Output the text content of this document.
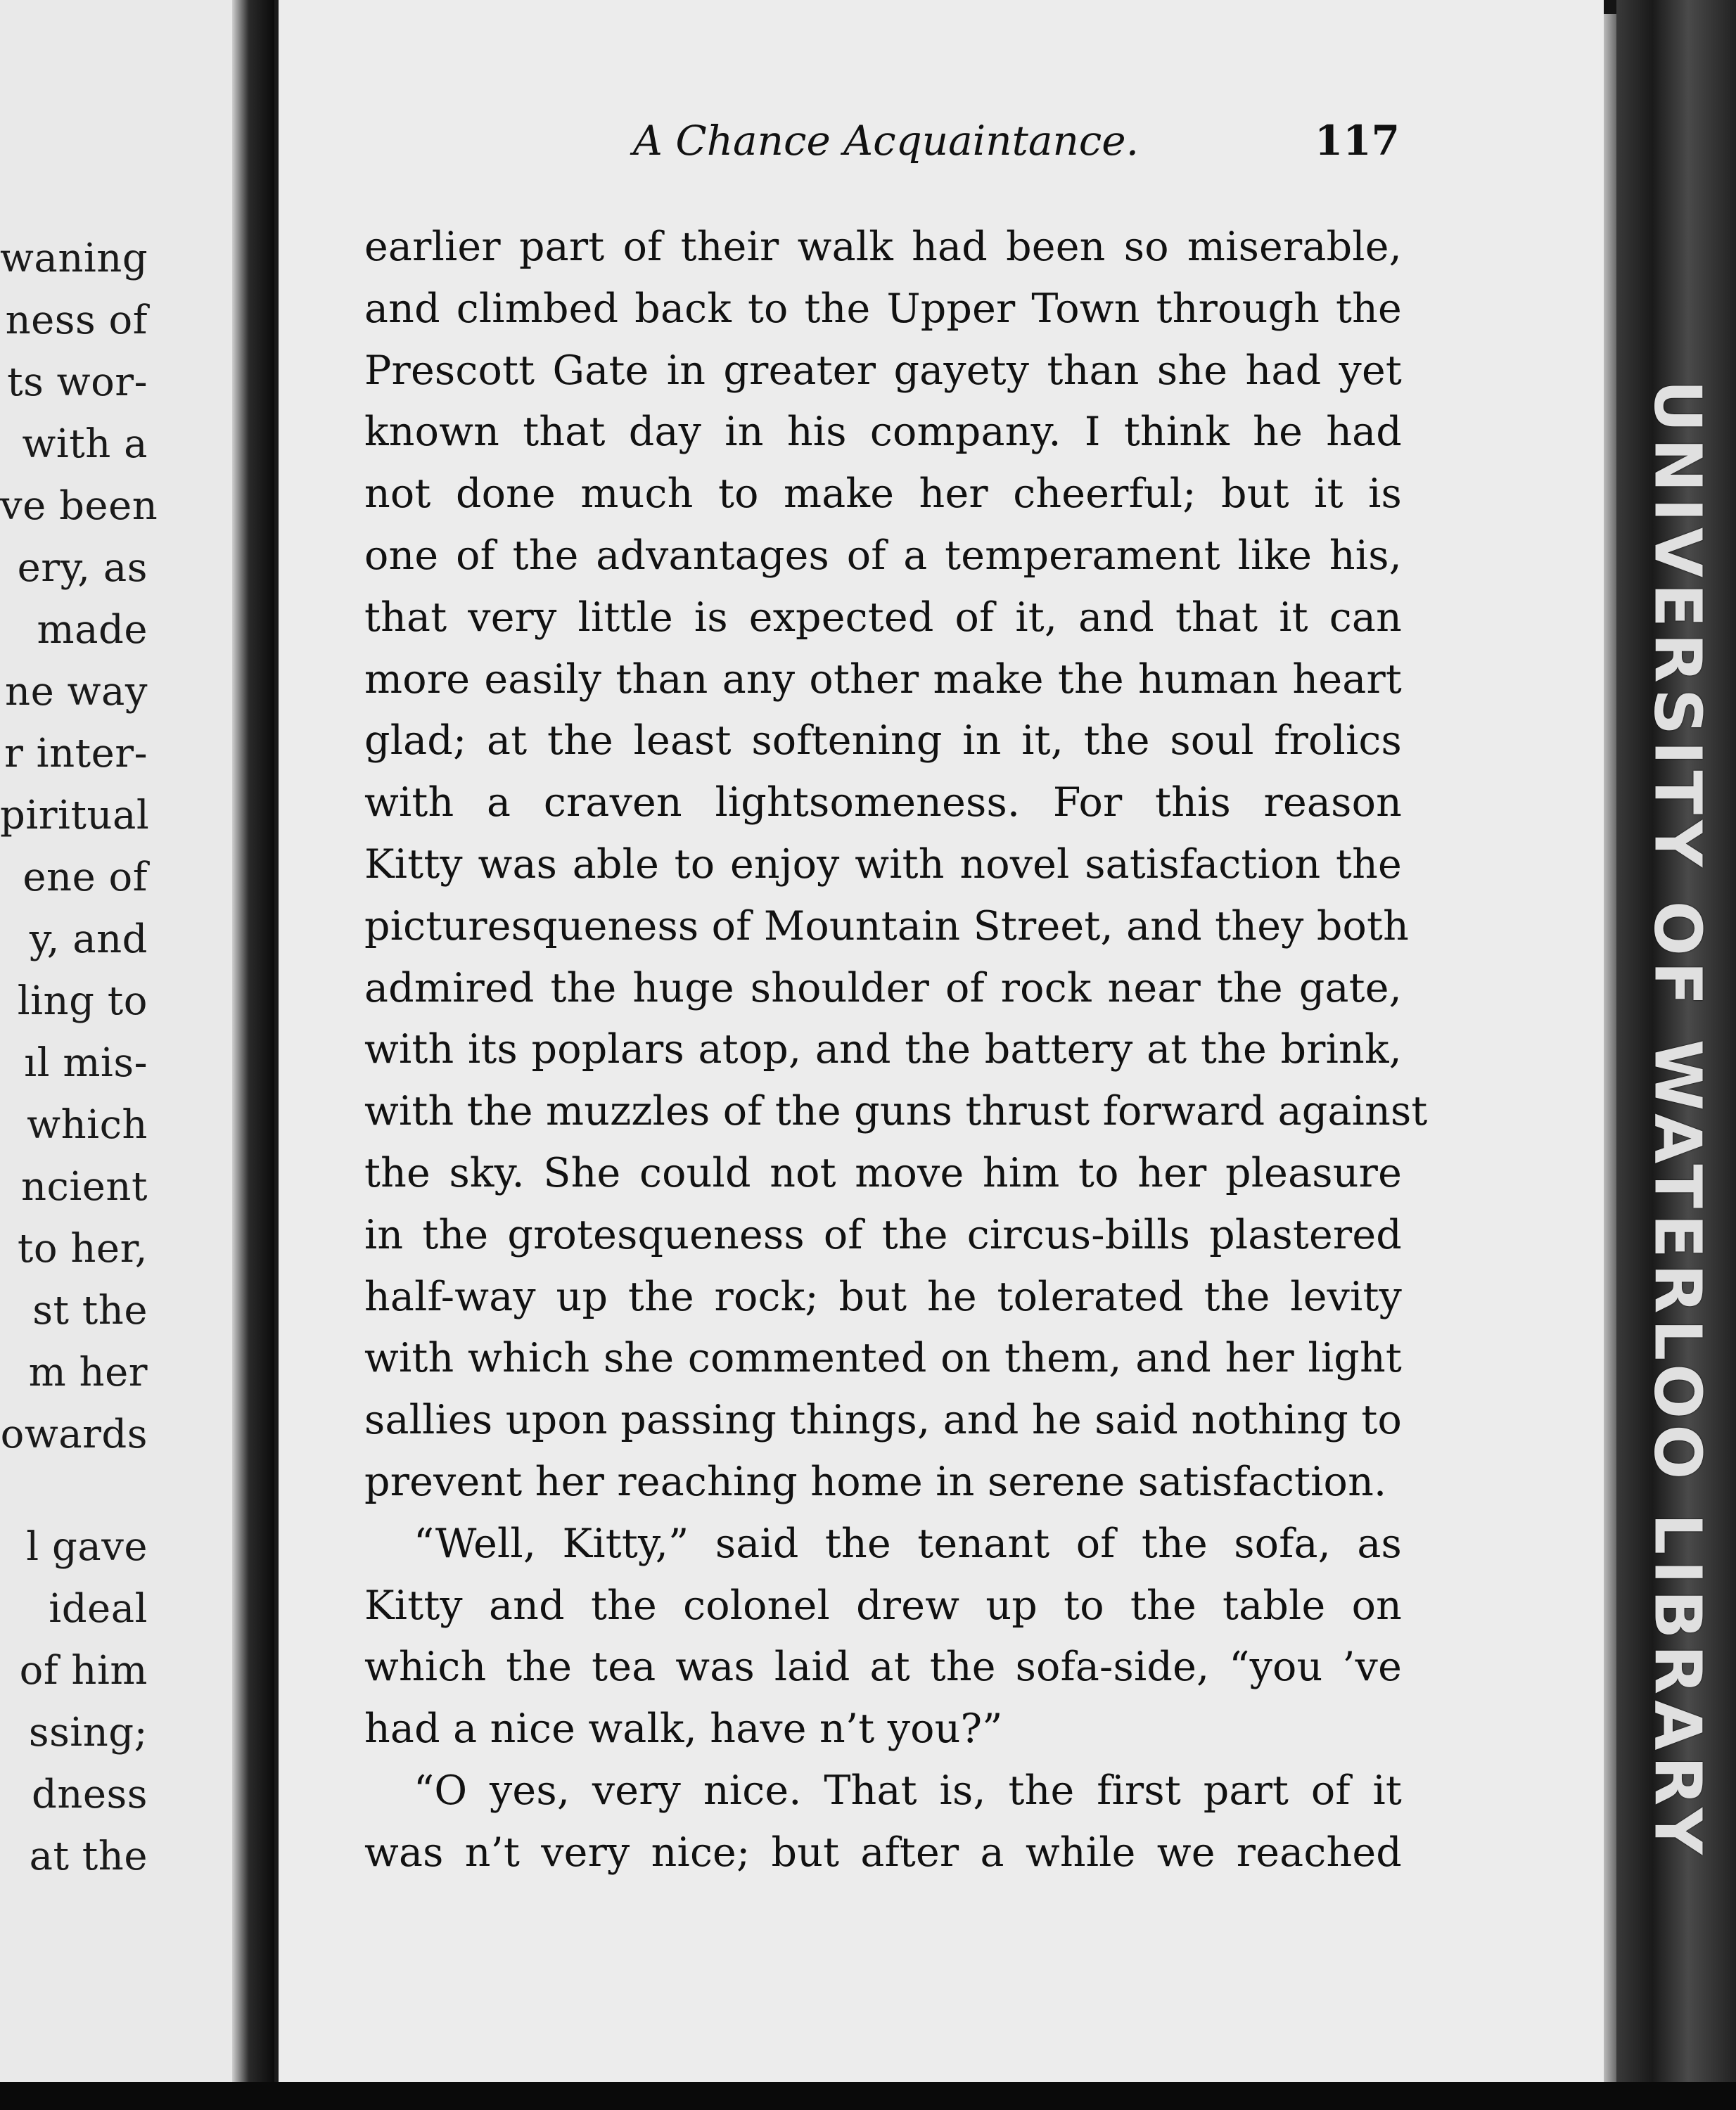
waning
ness of
ts wor-
with a
ve been
ery, as
made
ne way
r inter-
piritual
ene of
y, and
ling to
ıl mis-
which
ncient
to her,
st the
m her
owards
l gave
ideal
of him
ssing;
dness
at the
A Chance Acquaintance.	117
earlier part of their walk had been so miserable,
and climbed back to the Upper Town through the
Prescott Gate in greater gayety than she had yet
known that day in his company. I think he had
not done much to make her cheerful; but it is
one of the advantages of a temperament like his,
that very little is expected of it, and that it can
more easily than any other make the human heart
glad; at the least softening in it, the soul frolics
with a craven lightsomeness. For this reason
Kitty was able to enjoy with novel satisfaction the
picturesqueness of Mountain Street, and they both
admired the huge shoulder of rock near the gate,
with its poplars atop, and the battery at the brink,
with the muzzles of the guns thrust forward against
the sky. She could not move him to her pleasure
in the grotesqueness of the circus-bills plastered
half-way up the rock; but he tolerated the levity
with which she commented on them, and her light
sallies upon passing things, and he said nothing to
prevent her reaching home in serene satisfaction.
“Well, Kitty,” said the tenant of the sofa, as
Kitty and the colonel drew up to the table on
which the tea was laid at the sofa-side, “you ’ve
had a nice walk, have n’t you?”
“O yes, very nice. That is, the first part of it
was n’t very nice; but after a while we reached	UNIVERSITY OF WATERLOO LIBRARY
